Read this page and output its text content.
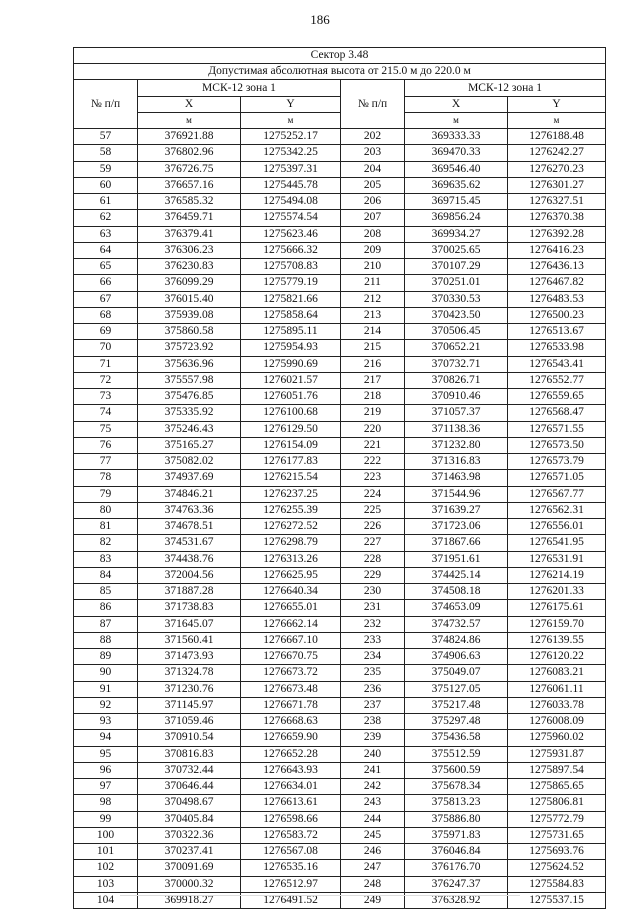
186
Сектор 3.48					
Допустимая абсолютная высота от 215.0 м до 220.0 м					
№ п/п	МСК-12 зона 1		№ п/п	МСК-12 зона 1	
	X	Y		X	Y
	м	м		м	м
57	376921.88	1275252.17	202	369333.33	1276188.48
58	376802.96	1275342.25	203	369470.33	1276242.27
59	376726.75	1275397.31	204	369546.40	1276270.23
60	376657.16	1275445.78	205	369635.62	1276301.27
61	376585.32	1275494.08	206	369715.45	1276327.51
62	376459.71	1275574.54	207	369856.24	1276370.38
63	376379.41	1275623.46	208	369934.27	1276392.28
64	376306.23	1275666.32	209	370025.65	1276416.23
65	376230.83	1275708.83	210	370107.29	1276436.13
66	376099.29	1275779.19	211	370251.01	1276467.82
67	376015.40	1275821.66	212	370330.53	1276483.53
68	375939.08	1275858.64	213	370423.50	1276500.23
69	375860.58	1275895.11	214	370506.45	1276513.67
70	375723.92	1275954.93	215	370652.21	1276533.98
71	375636.96	1275990.69	216	370732.71	1276543.41
72	375557.98	1276021.57	217	370826.71	1276552.77
73	375476.85	1276051.76	218	370910.46	1276559.65
74	375335.92	1276100.68	219	371057.37	1276568.47
75	375246.43	1276129.50	220	371138.36	1276571.55
76	375165.27	1276154.09	221	371232.80	1276573.50
77	375082.02	1276177.83	222	371316.83	1276573.79
78	374937.69	1276215.54	223	371463.98	1276571.05
79	374846.21	1276237.25	224	371544.96	1276567.77
80	374763.36	1276255.39	225	371639.27	1276562.31
81	374678.51	1276272.52	226	371723.06	1276556.01
82	374531.67	1276298.79	227	371867.66	1276541.95
83	374438.76	1276313.26	228	371951.61	1276531.91
84	372004.56	1276625.95	229	374425.14	1276214.19
85	371887.28	1276640.34	230	374508.18	1276201.33
86	371738.83	1276655.01	231	374653.09	1276175.61
87	371645.07	1276662.14	232	374732.57	1276159.70
88	371560.41	1276667.10	233	374824.86	1276139.55
89	371473.93	1276670.75	234	374906.63	1276120.22
90	371324.78	1276673.72	235	375049.07	1276083.21
91	371230.76	1276673.48	236	375127.05	1276061.11
92	371145.97	1276671.78	237	375217.48	1276033.78
93	371059.46	1276668.63	238	375297.48	1276008.09
94	370910.54	1276659.90	239	375436.58	1275960.02
95	370816.83	1276652.28	240	375512.59	1275931.87
96	370732.44	1276643.93	241	375600.59	1275897.54
97	370646.44	1276634.01	242	375678.34	1275865.65
98	370498.67	1276613.61	243	375813.23	1275806.81
99	370405.84	1276598.66	244	375886.80	1275772.79
100	370322.36	1276583.72	245	375971.83	1275731.65
101	370237.41	1276567.08	246	376046.84	1275693.76
102	370091.69	1276535.16	247	376176.70	1275624.52
103	370000.32	1276512.97	248	376247.37	1275584.83
104	369918.27	1276491.52	249	376328.92	1275537.15
